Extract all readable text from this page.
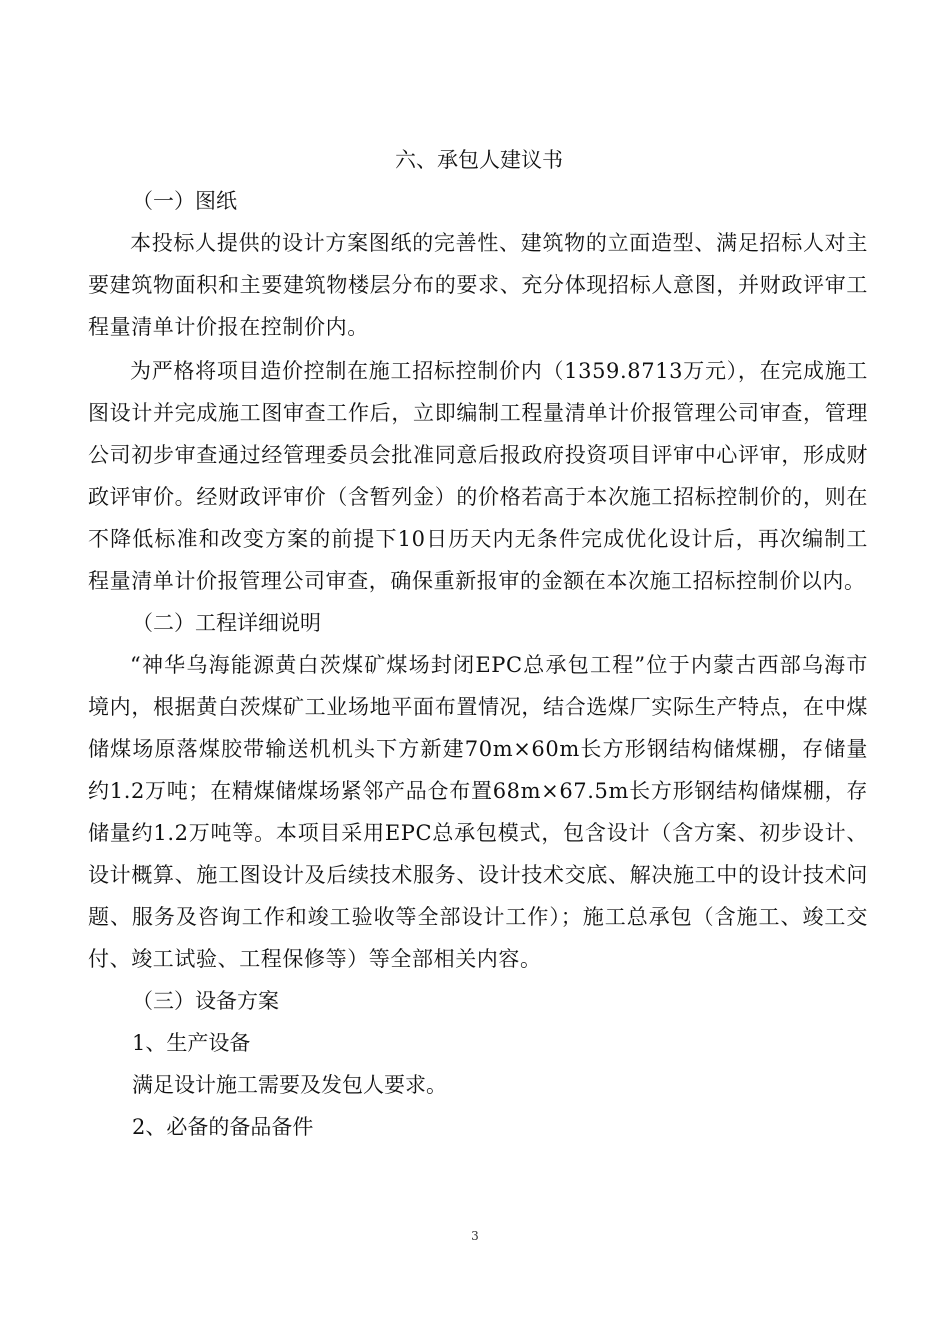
六、承包人建议书

（一）图纸

本投标人提供的设计方案图纸的完善性、建筑物的立面造型、满足招标人对主要建筑物面积和主要建筑物楼层分布的要求、充分体现招标人意图，并财政评审工程量清单计价报在控制价内。

为严格将项目造价控制在施工招标控制价内（1359.8713万元），在完成施工图设计并完成施工图审查工作后，立即编制工程量清单计价报管理公司审查，管理公司初步审查通过经管理委员会批准同意后报政府投资项目评审中心评审，形成财政评审价。经财政评审价（含暂列金）的价格若高于本次施工招标控制价的，则在不降低标准和改变方案的前提下10日历天内无条件完成优化设计后，再次编制工程量清单计价报管理公司审查，确保重新报审的金额在本次施工招标控制价以内。

（二）工程详细说明

“神华乌海能源黄白茨煤矿煤场封闭EPC总承包工程”位于内蒙古西部乌海市境内，根据黄白茨煤矿工业场地平面布置情况，结合选煤厂实际生产特点，在中煤储煤场原落煤胶带输送机机头下方新建70m×60m长方形钢结构储煤棚，存储量约1.2万吨；在精煤储煤场紧邻产品仓布置68m×67.5m长方形钢结构储煤棚，存储量约1.2万吨等。本项目采用EPC总承包模式，包含设计（含方案、初步设计、设计概算、施工图设计及后续技术服务、设计技术交底、解决施工中的设计技术问题、服务及咨询工作和竣工验收等全部设计工作）；施工总承包（含施工、竣工交付、竣工试验、工程保修等）等全部相关内容。

（三）设备方案

1、生产设备

满足设计施工需要及发包人要求。

2、必备的备品备件

3
